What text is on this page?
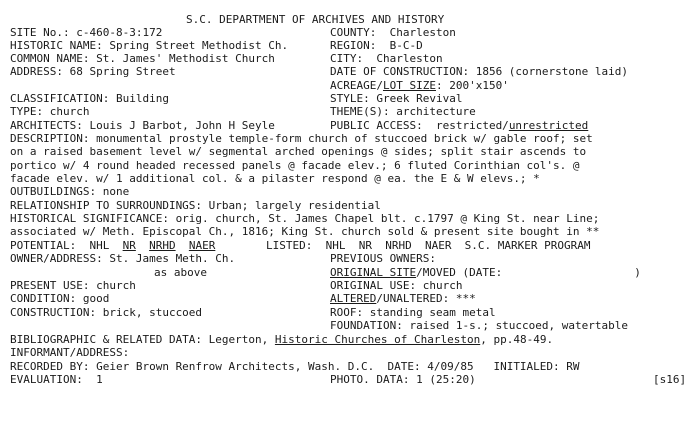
S.C. DEPARTMENT OF ARCHIVES AND HISTORY
SITE No.: c-460-8-3:172	COUNTY:  Charleston
HISTORIC NAME: Spring Street Methodist Ch.	REGION:  B-C-D
COMMON NAME: St. James' Methodist Church	CITY:  Charleston
ADDRESS: 68 Spring Street	DATE OF CONSTRUCTION: 1856 (cornerstone laid)
ACREAGE/LOT SIZE: 200'x150'
CLASSIFICATION: Building	STYLE: Greek Revival
TYPE: church	THEME(S): architecture
ARCHITECTS: Louis J Barbot, John H Seyle	PUBLIC ACCESS:  restricted/unrestricted
DESCRIPTION: monumental prostyle temple-form church of stuccoed brick w/ gable roof; set
on a raised basement level w/ segmental arched openings @ sides; split stair ascends to
portico w/ 4 round headed recessed panels @ facade elev.; 6 fluted Corinthian col's. @
facade elev. w/ 1 additional col. & a pilaster respond @ ea. the E & W elevs.; *
OUTBUILDINGS: none
RELATIONSHIP TO SURROUNDINGS: Urban; largely residential
HISTORICAL SIGNIFICANCE: orig. church, St. James Chapel blt. c.1797 @ King St. near Line;
associated w/ Meth. Episcopal Ch., 1816; King St. church sold & present site bought in **
POTENTIAL: NHL NR NRHD NAER	LISTED: NHL  NR  NRHD  NAER  S.C. MARKER PROGRAM
OWNER/ADDRESS: St. James Meth. Ch.	PREVIOUS OWNERS:
as above	ORIGINAL SITE/MOVED (DATE:	)
PRESENT USE: church	ORIGINAL USE: church
CONDITION: good	ALTERED/UNALTERED: ***
CONSTRUCTION: brick, stuccoed	ROOF: standing seam metal
FOUNDATION: raised 1-s.; stuccoed, watertable
BIBLIOGRAPHIC & RELATED DATA: Legerton, Historic Churches of Charleston, pp.48-49.
INFORMANT/ADDRESS:
RECORDED BY: Geier Brown Renfrow Architects, Wash. D.C.  DATE: 4/09/85   INITIALED: RW
EVALUATION:  1	PHOTO. DATA: 1 (25:20)	[s16]
